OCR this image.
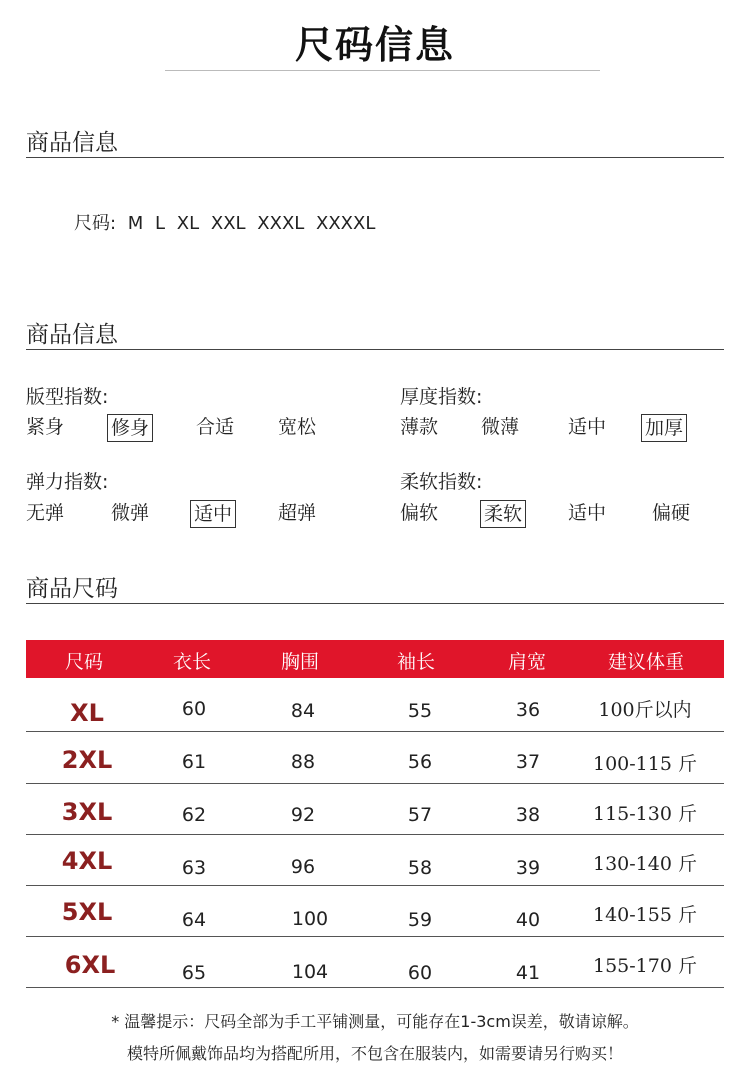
尺码信息
商品信息
尺码: M L XL XXL XXXL XXXXL
商品信息
版型指数:
紧身 修身 合适 宽松
厚度指数:
薄款 微薄	适中 加厚
弹力指数:
无弹 微弹 适中 超弹
柔软指数:
偏软 柔软 适中 偏硬
商品尺码
尺码	衣长	胸围	袖长	肩宽	建议体重
XL	60	84	55	36	100斤以内
2XL	61	88	56	37	100-115 斤
3XL	62	92	57	38	115-130 斤
4XL	63	96	58	39	130-140 斤
5XL	64	100	59	40	140-155 斤
6XL	65	104	60	41	155-170 斤
* 温馨提示：尺码全部为手工平铺测量，可能存在1-3cm误差，敬请谅解。
模特所佩戴饰品均为搭配所用，不包含在服装内，如需要请另行购买！
